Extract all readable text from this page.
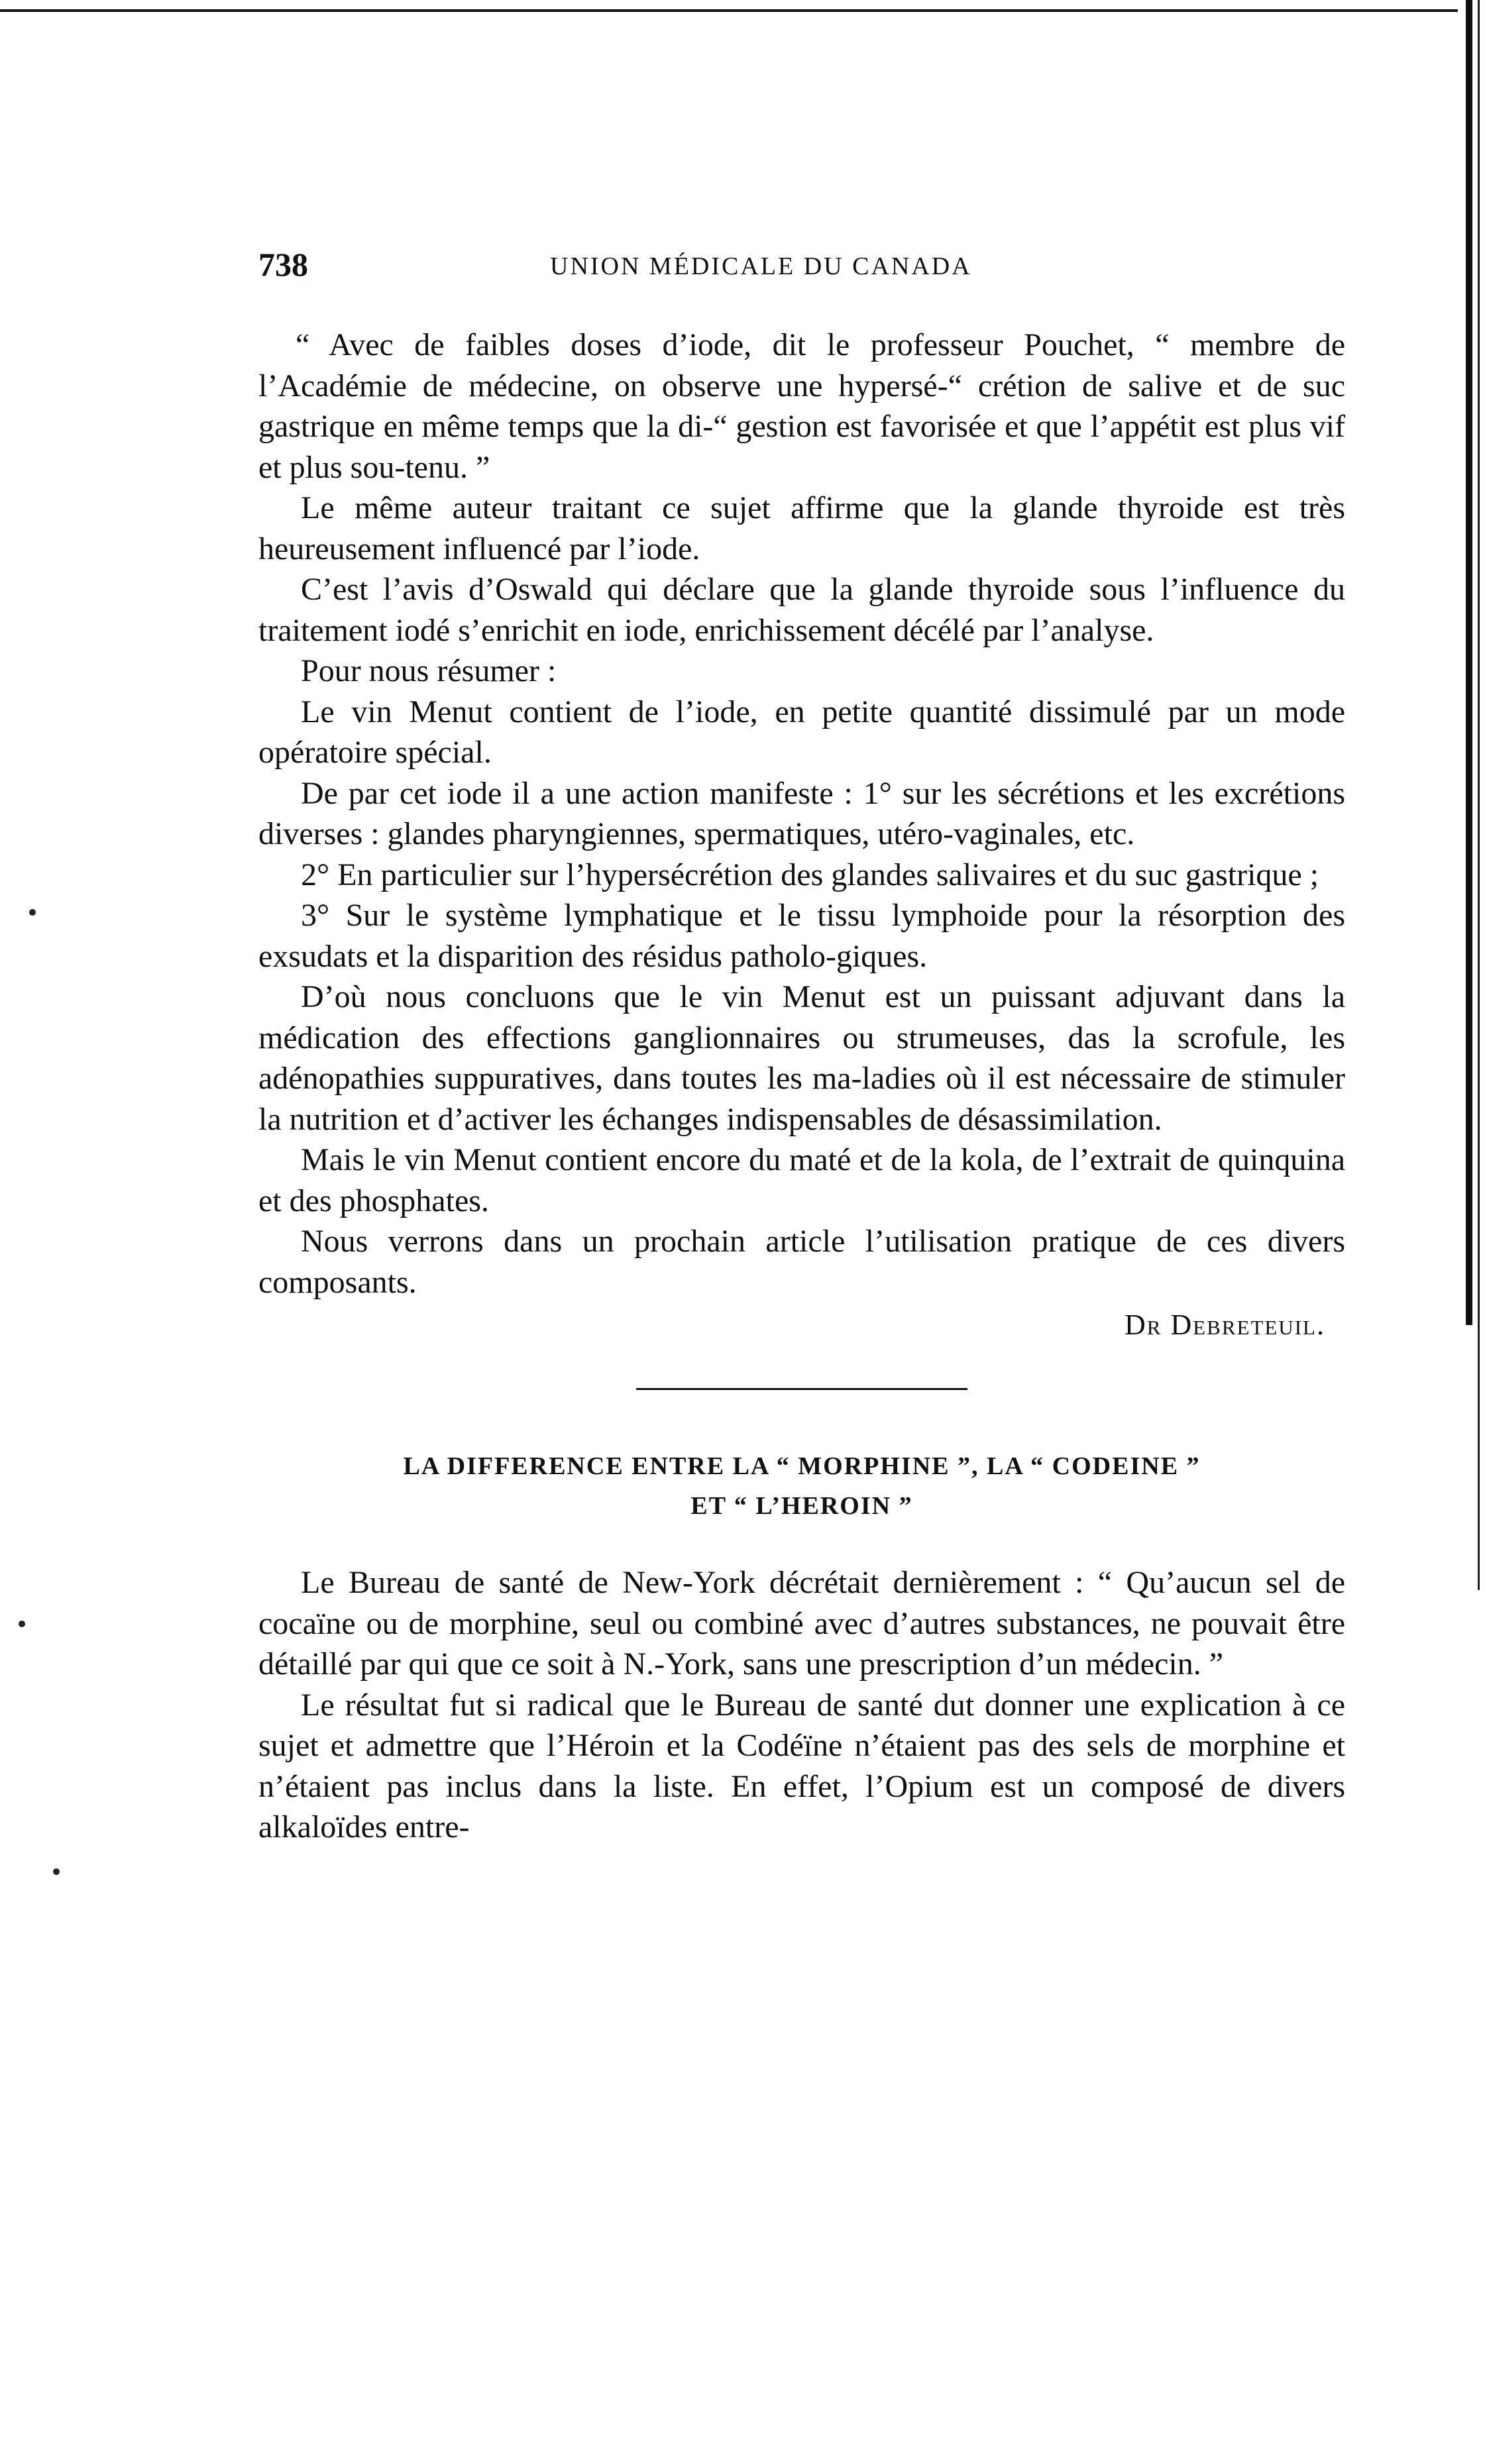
738	UNION MÉDICALE DU CANADA

“ Avec de faibles doses d’iode, dit le professeur Pouchet, “ membre de l’Académie de médecine, on observe une hypersé-“ crétion de salive et de suc gastrique en même temps que la di-“ gestion est favorisée et que l’appétit est plus vif et plus sou-tenu. ”

Le même auteur traitant ce sujet affirme que la glande thyroide est très heureusement influencé par l’iode.

C’est l’avis d’Oswald qui déclare que la glande thyroide sous l’influence du traitement iodé s’enrichit en iode, enrichissement décélé par l’analyse.

Pour nous résumer :

Le vin Menut contient de l’iode, en petite quantité dissimulé par un mode opératoire spécial.

De par cet iode il a une action manifeste : 1° sur les sécrétions et les excrétions diverses : glandes pharyngiennes, spermatiques, utéro-vaginales, etc.

2° En particulier sur l’hypersécrétion des glandes salivaires et du suc gastrique ;

3° Sur le système lymphatique et le tissu lymphoide pour la résorption des exsudats et la disparition des résidus patholo-giques.

D’où nous concluons que le vin Menut est un puissant adjuvant dans la médication des effections ganglionnaires ou strumeuses, das la scrofule, les adénopathies suppuratives, dans toutes les ma-ladies où il est nécessaire de stimuler la nutrition et d’activer les échanges indispensables de désassimilation.

Mais le vin Menut contient encore du maté et de la kola, de l’extrait de quinquina et des phosphates.

Nous verrons dans un prochain article l’utilisation pratique de ces divers composants.

Dr Debreteuil.
LA DIFFERENCE ENTRE LA “ MORPHINE ”, LA “ CODEINE ”
ET “ L’HEROIN ”

Le Bureau de santé de New-York décrétait dernièrement : “ Qu’aucun sel de cocaïne ou de morphine, seul ou combiné avec d’autres substances, ne pouvait être détaillé par qui que ce soit à N.-York, sans une prescription d’un médecin. ”

Le résultat fut si radical que le Bureau de santé dut donner une explication à ce sujet et admettre que l’Héroin et la Codéïne n’étaient pas des sels de morphine et n’étaient pas inclus dans la liste. En effet, l’Opium est un composé de divers alkaloïdes entre-
